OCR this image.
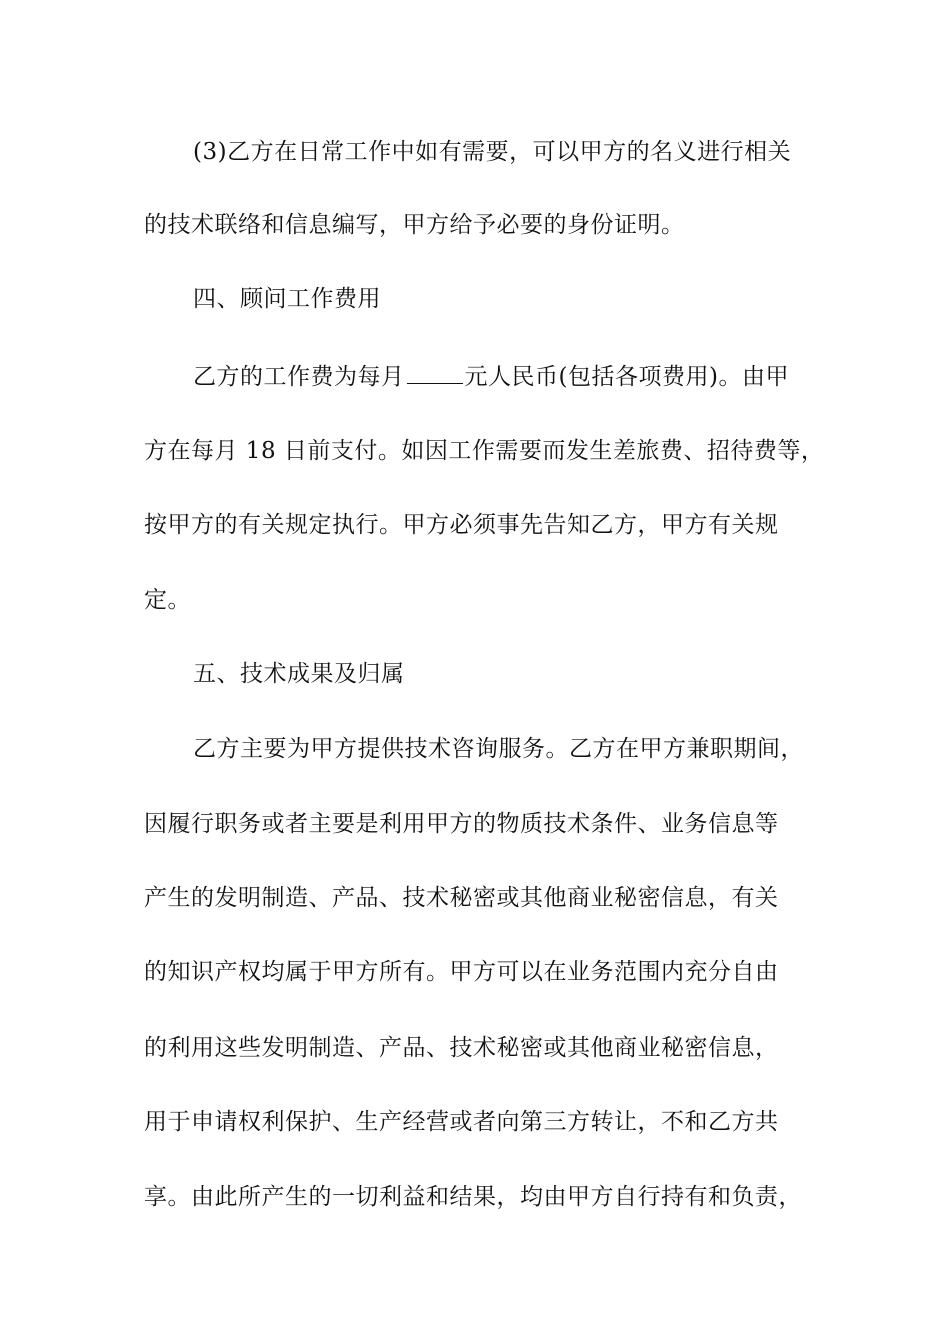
(3)乙方在日常工作中如有需要，可以甲方的名义进行相关
的技术联络和信息编写，甲方给予必要的身份证明。
四、顾问工作费用
乙方的工作费为每月	元人民币(包括各项费用)。由甲
方在每月 18 日前支付。如因工作需要而发生差旅费、招待费等，
按甲方的有关规定执行。甲方必须事先告知乙方，甲方有关规
定。
五、技术成果及归属
乙方主要为甲方提供技术咨询服务。乙方在甲方兼职期间，
因履行职务或者主要是利用甲方的物质技术条件、业务信息等
产生的发明制造、产品、技术秘密或其他商业秘密信息，有关
的知识产权均属于甲方所有。甲方可以在业务范围内充分自由
的利用这些发明制造、产品、技术秘密或其他商业秘密信息，
用于申请权利保护、生产经营或者向第三方转让，不和乙方共
享。由此所产生的一切利益和结果，均由甲方自行持有和负责，
